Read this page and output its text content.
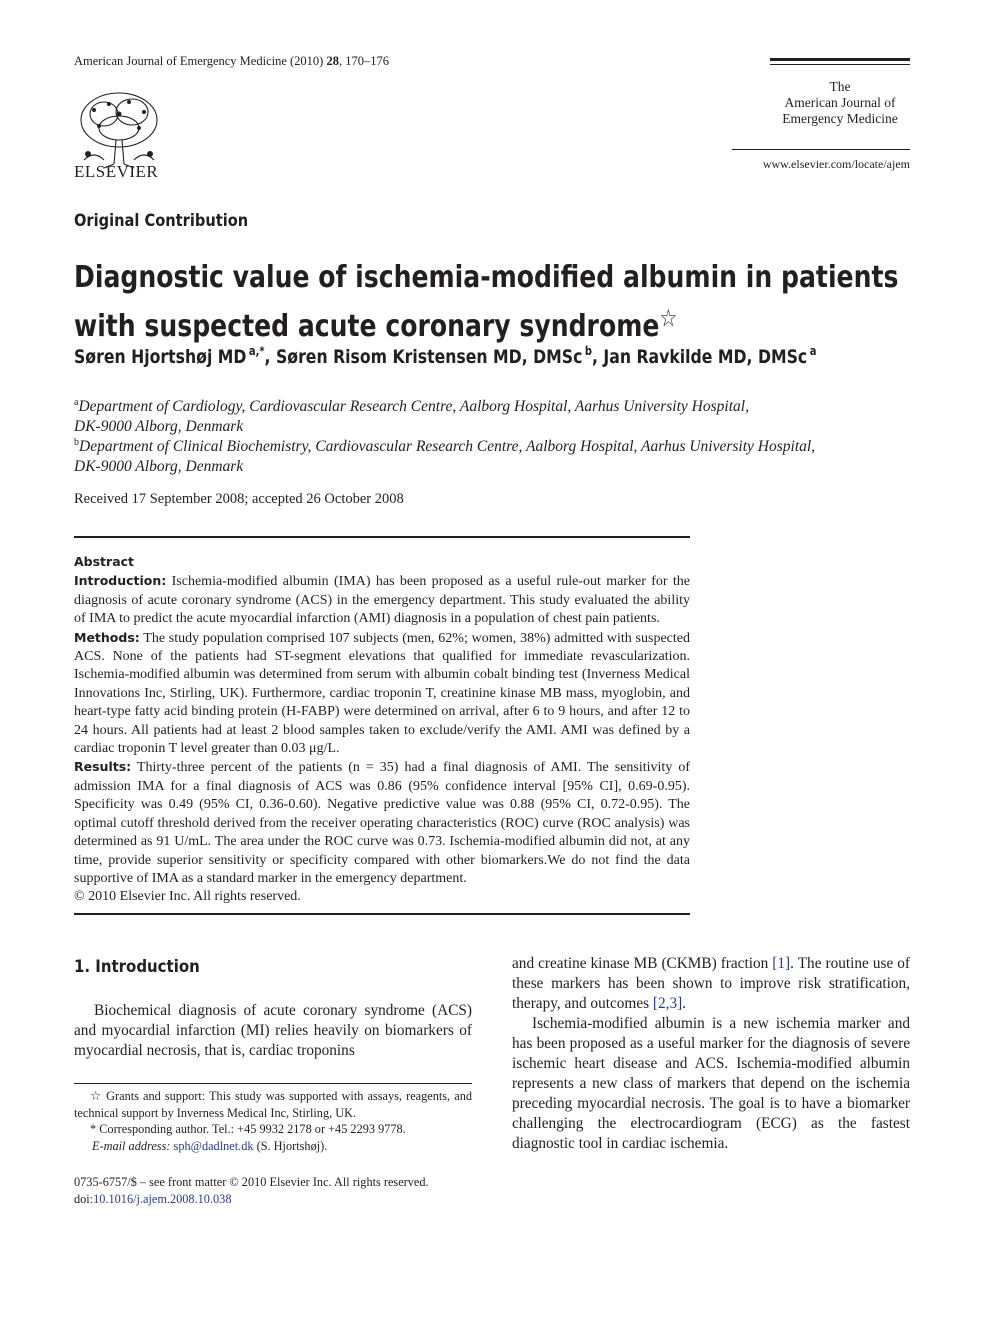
American Journal of Emergency Medicine (2010) 28, 170–176
ELSEVIER
The
American Journal of
Emergency Medicine
www.elsevier.com/locate/ajem
Original Contribution
Diagnostic value of ischemia-modified albumin in patients with suspected acute coronary syndrome☆
Søren Hjortshøj MD $^{a,*}$, Søren Risom Kristensen MD, DMSc $^b$, Jan Ravkilde MD, DMSc $^a$
$^a$Department of Cardiology, Cardiovascular Research Centre, Aalborg Hospital, Aarhus University Hospital,
DK-9000 Alborg, Denmark
$^b$Department of Clinical Biochemistry, Cardiovascular Research Centre, Aalborg Hospital, Aarhus University Hospital,
DK-9000 Alborg, Denmark
Received 17 September 2008; accepted 26 October 2008

Abstract

Introduction: Ischemia-modified albumin (IMA) has been proposed as a useful rule-out marker for the diagnosis of acute coronary syndrome (ACS) in the emergency department. This study evaluated the ability of IMA to predict the acute myocardial infarction (AMI) diagnosis in a population of chest pain patients.

Methods: The study population comprised 107 subjects (men, 62%; women, 38%) admitted with suspected ACS. None of the patients had ST-segment elevations that qualified for immediate revascularization. Ischemia-modified albumin was determined from serum with albumin cobalt binding test (Inverness Medical Innovations Inc, Stirling, UK). Furthermore, cardiac troponin T, creatinine kinase MB mass, myoglobin, and heart-type fatty acid binding protein (H-FABP) were determined on arrival, after 6 to 9 hours, and after 12 to 24 hours. All patients had at least 2 blood samples taken to exclude/verify the AMI. AMI was defined by a cardiac troponin T level greater than 0.03 μg/L.

Results: Thirty-three percent of the patients (n = 35) had a final diagnosis of AMI. The sensitivity of admission IMA for a final diagnosis of ACS was 0.86 (95% confidence interval [95% CI], 0.69-0.95). Specificity was 0.49 (95% CI, 0.36-0.60). Negative predictive value was 0.88 (95% CI, 0.72-0.95). The optimal cutoff threshold derived from the receiver operating characteristics (ROC) curve (ROC analysis) was determined as 91 U/mL. The area under the ROC curve was 0.73. Ischemia-modified albumin did not, at any time, provide superior sensitivity or specificity compared with other biomarkers.We do not find the data supportive of IMA as a standard marker in the emergency department.

© 2010 Elsevier Inc. All rights reserved.

1. Introduction

Biochemical diagnosis of acute coronary syndrome (ACS) and myocardial infarction (MI) relies heavily on biomarkers of myocardial necrosis, that is, cardiac troponins

and creatine kinase MB (CKMB) fraction [1]. The routine use of these markers has been shown to improve risk stratification, therapy, and outcomes [2,3].

Ischemia-modified albumin is a new ischemia marker and has been proposed as a useful marker for the diagnosis of severe ischemic heart disease and ACS. Ischemia-modified albumin represents a new class of markers that depend on the ischemia preceding myocardial necrosis. The goal is to have a biomarker challenging the electrocardiogram (ECG) as the fastest diagnostic tool in cardiac ischemia.

☆ Grants and support: This study was supported with assays, reagents, and technical support by Inverness Medical Inc, Stirling, UK.

* Corresponding author. Tel.: +45 9932 2178 or +45 2293 9778.

E-mail address: sph@dadlnet.dk (S. Hjortshøj).

0735-6757/$ – see front matter © 2010 Elsevier Inc. All rights reserved.
doi:10.1016/j.ajem.2008.10.038
